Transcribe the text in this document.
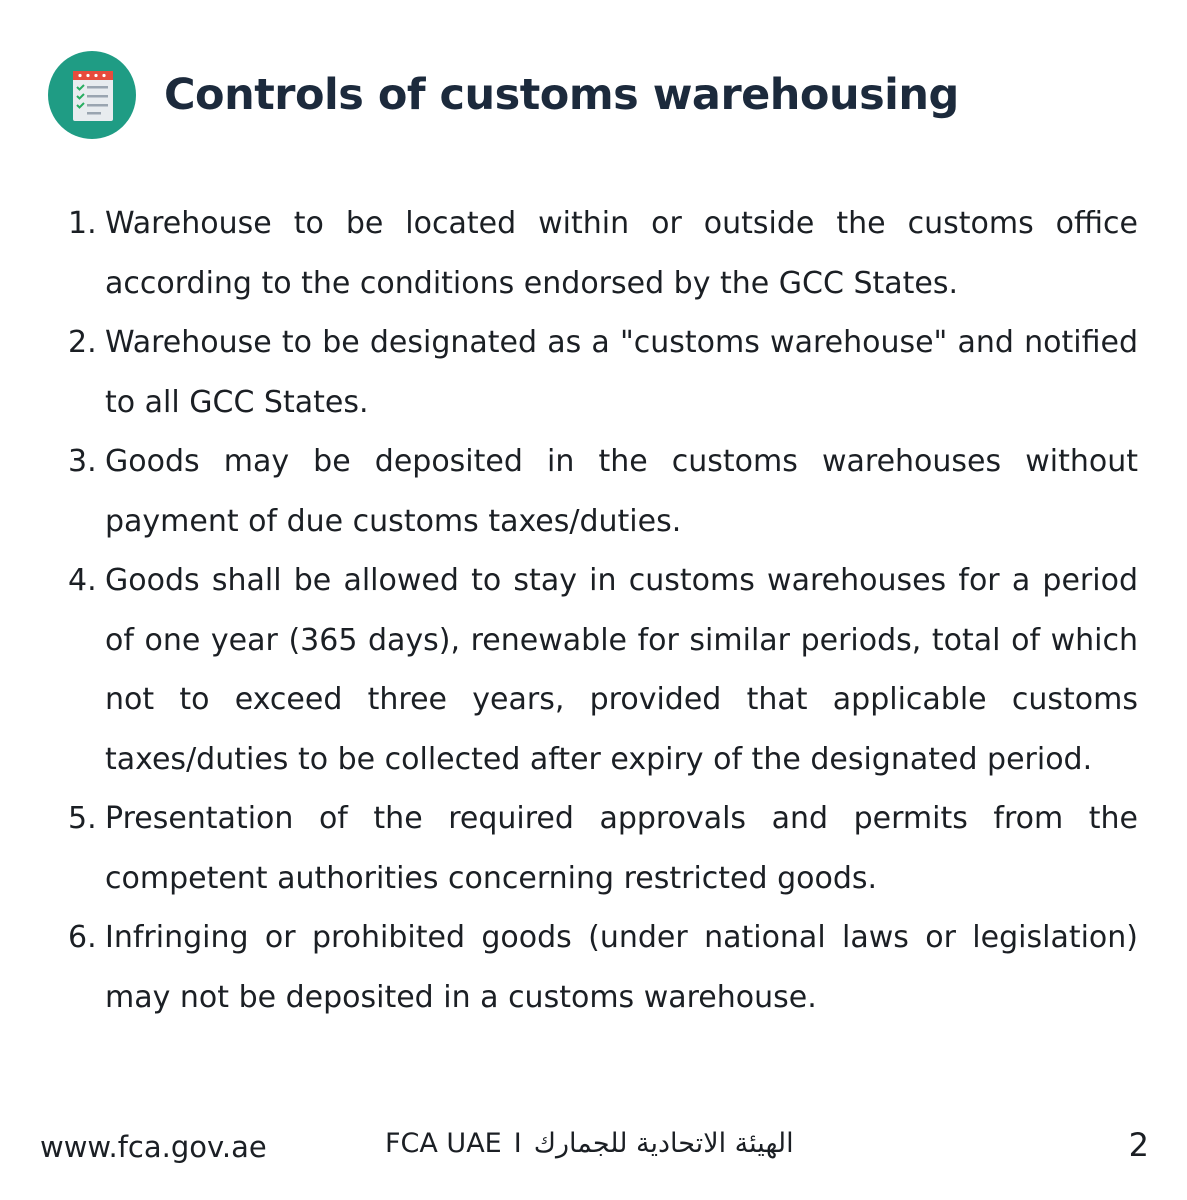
Controls of customs warehousing
1. Warehouse to be located within or outside the customs office according to the conditions endorsed by the GCC States.
2. Warehouse to be designated as a "customs warehouse" and notified to all GCC States.
3. Goods may be deposited in the customs warehouses without payment of due customs taxes/duties.
4. Goods shall be allowed to stay in customs warehouses for a period of one year (365 days), renewable for similar periods, total of which not to exceed three years, provided that applicable customs taxes/duties to be collected after expiry of the designated period.
5. Presentation of the required approvals and permits from the competent authorities concerning restricted goods.
6. Infringing or prohibited goods (under national laws or legislation) may not be deposited in a customs warehouse.
www.fca.gov.ae	FCA UAE I الهيئة الاتحادية للجمارك	2
